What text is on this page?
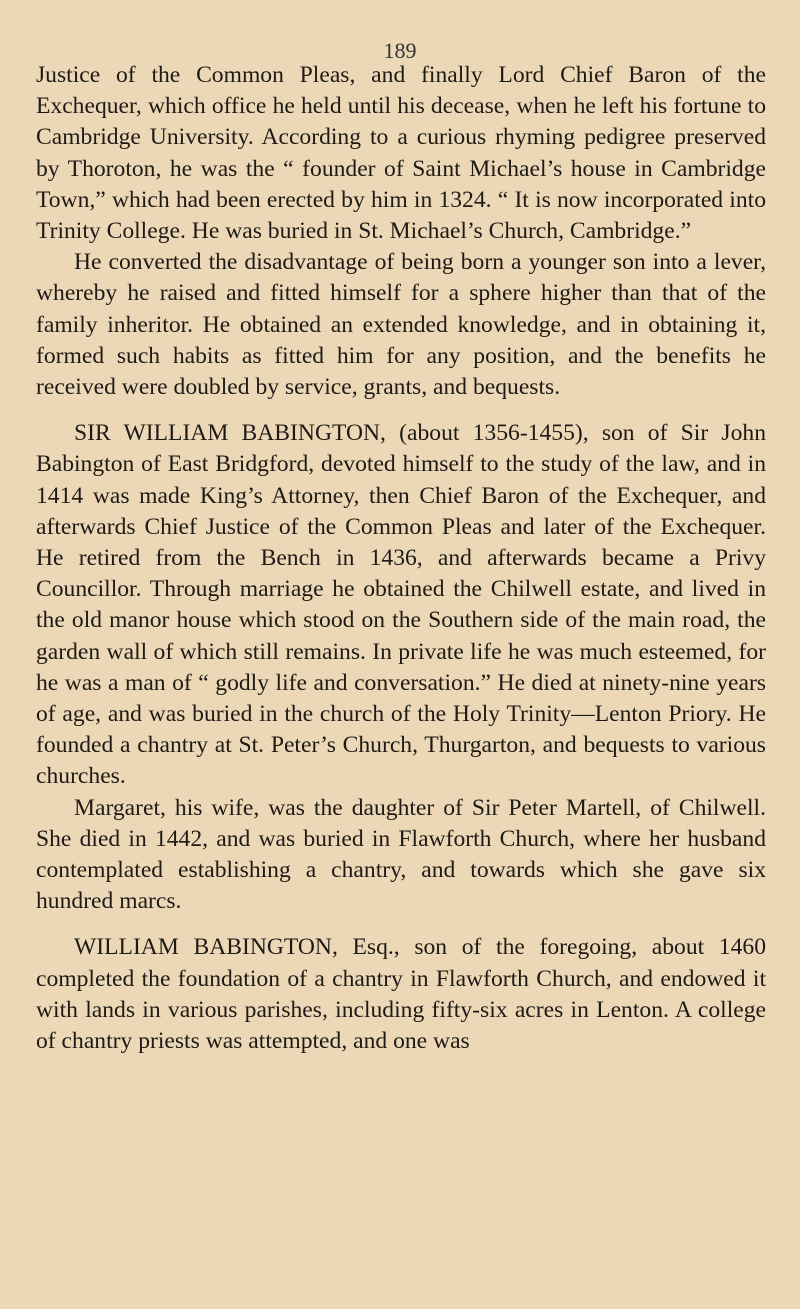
189

Justice of the Common Pleas, and finally Lord Chief Baron of the Exchequer, which office he held until his decease, when he left his fortune to Cambridge University. According to a curious rhyming pedigree preserved by Thoroton, he was the “ founder of Saint Michael’s house in Cambridge Town,” which had been erected by him in 1324. “ It is now incorporated into Trinity College. He was buried in St. Michael’s Church, Cambridge.”

He converted the disadvantage of being born a younger son into a lever, whereby he raised and fitted himself for a sphere higher than that of the family inheritor. He obtained an extended knowledge, and in obtaining it, formed such habits as fitted him for any position, and the benefits he received were doubled by service, grants, and bequests.

SIR WILLIAM BABINGTON, (about 1356-1455), son of Sir John Babington of East Bridgford, devoted himself to the study of the law, and in 1414 was made King’s Attorney, then Chief Baron of the Exchequer, and afterwards Chief Justice of the Common Pleas and later of the Exchequer. He retired from the Bench in 1436, and afterwards became a Privy Councillor. Through marriage he obtained the Chilwell estate, and lived in the old manor house which stood on the Southern side of the main road, the garden wall of which still remains. In private life he was much esteemed, for he was a man of “ godly life and conversation.” He died at ninety-nine years of age, and was buried in the church of the Holy Trinity—Lenton Priory. He founded a chantry at St. Peter’s Church, Thurgarton, and bequests to various churches.

Margaret, his wife, was the daughter of Sir Peter Martell, of Chilwell. She died in 1442, and was buried in Flawforth Church, where her husband contemplated establishing a chantry, and towards which she gave six hundred marcs.

WILLIAM BABINGTON, Esq., son of the foregoing, about 1460 completed the foundation of a chantry in Flawforth Church, and endowed it with lands in various parishes, including fifty-six acres in Lenton. A college of chantry priests was attempted, and one was
